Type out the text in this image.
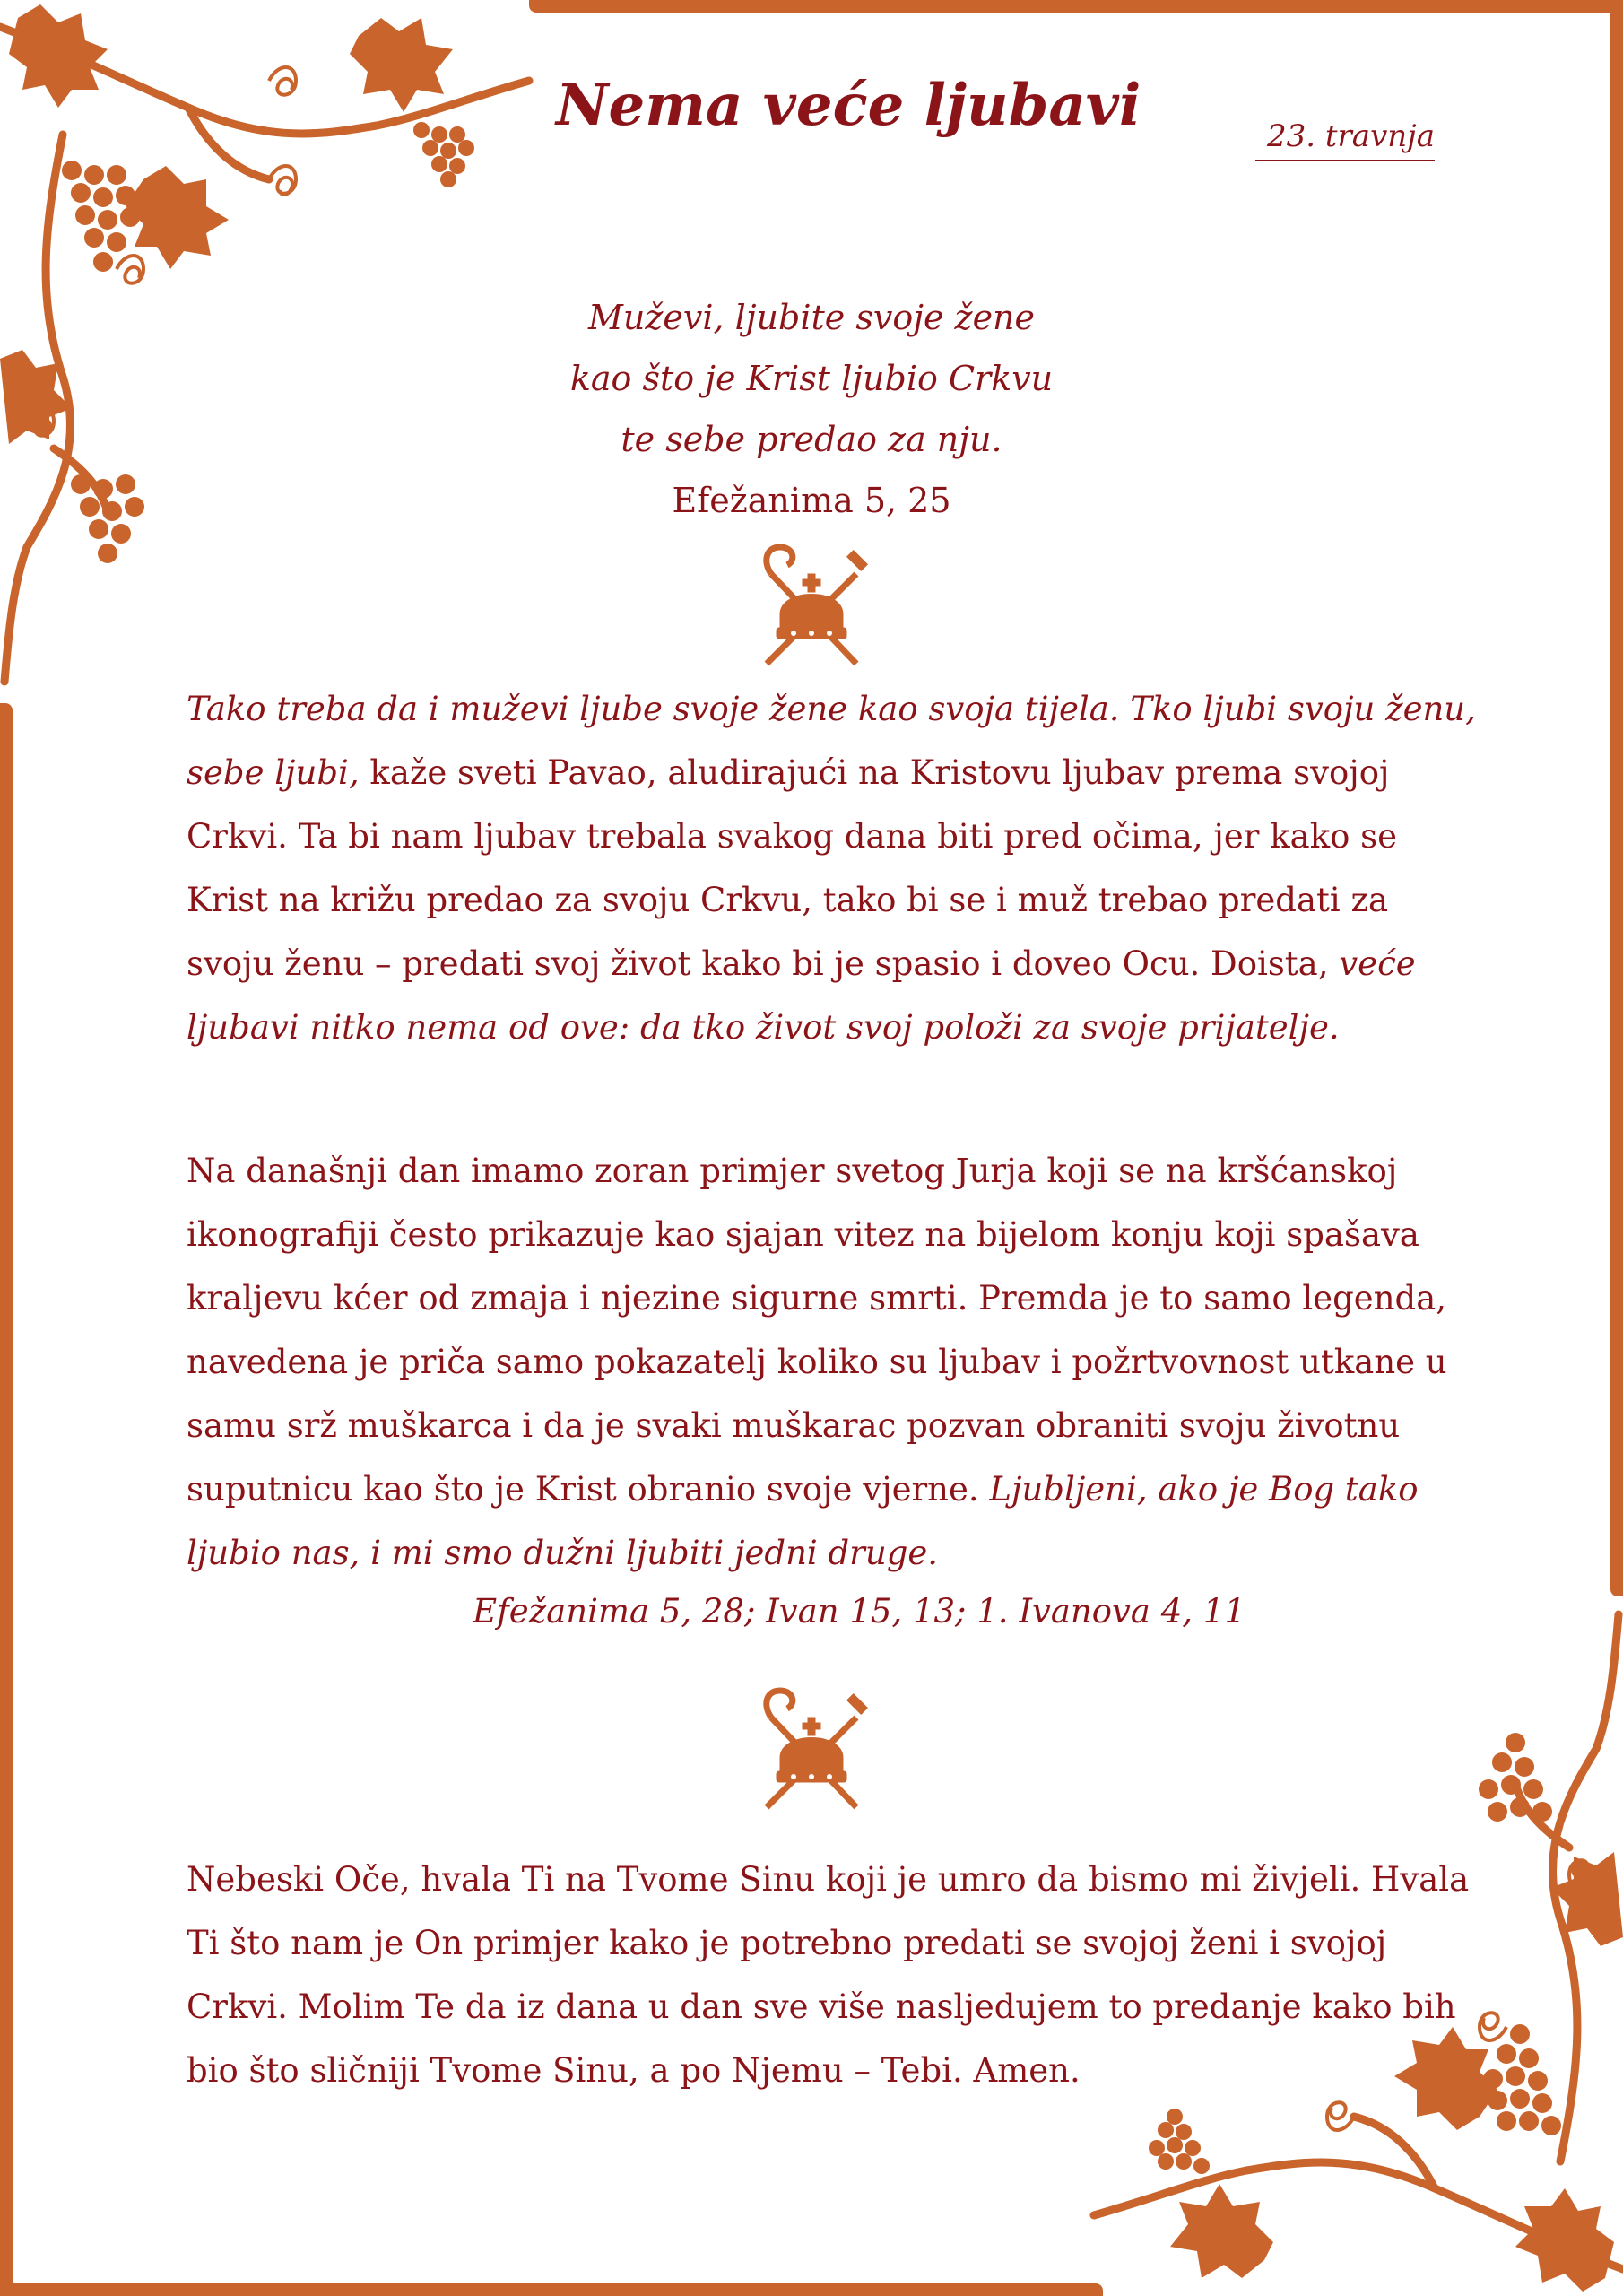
Nema veće ljubavi	23. travnja
Muževi, ljubite svoje žene
kao što je Krist ljubio Crkvu
te sebe predao za nju.
Efežanima 5, 25
Tako treba da i muževi ljube svoje žene kao svoja tijela. Tko ljubi svoju ženu,
sebe ljubi, kaže sveti Pavao, aludirajući na Kristovu ljubav prema svojoj
Crkvi. Ta bi nam ljubav trebala svakog dana biti pred očima, jer kako se
Krist na križu predao za svoju Crkvu, tako bi se i muž trebao predati za
svoju ženu – predati svoj život kako bi je spasio i doveo Ocu. Doista, veće
ljubavi nitko nema od ove: da tko život svoj položi za svoje prijatelje.
Na današnji dan imamo zoran primjer svetog Jurja koji se na kršćanskoj
ikonografiji često prikazuje kao sjajan vitez na bijelom konju koji spašava
kraljevu kćer od zmaja i njezine sigurne smrti. Premda je to samo legenda,
navedena je priča samo pokazatelj koliko su ljubav i požrtvovnost utkane u
samu srž muškarca i da je svaki muškarac pozvan obraniti svoju životnu
suputnicu kao što je Krist obranio svoje vjerne. Ljubljeni, ako je Bog tako
ljubio nas, i mi smo dužni ljubiti jedni druge.
Efežanima 5, 28; Ivan 15, 13; 1. Ivanova 4, 11
Nebeski Oče, hvala Ti na Tvome Sinu koji je umro da bismo mi živjeli. Hvala
Ti što nam je On primjer kako je potrebno predati se svojoj ženi i svojoj
Crkvi. Molim Te da iz dana u dan sve više nasljedujem to predanje kako bih
bio što sličniji Tvome Sinu, a po Njemu – Tebi. Amen.
